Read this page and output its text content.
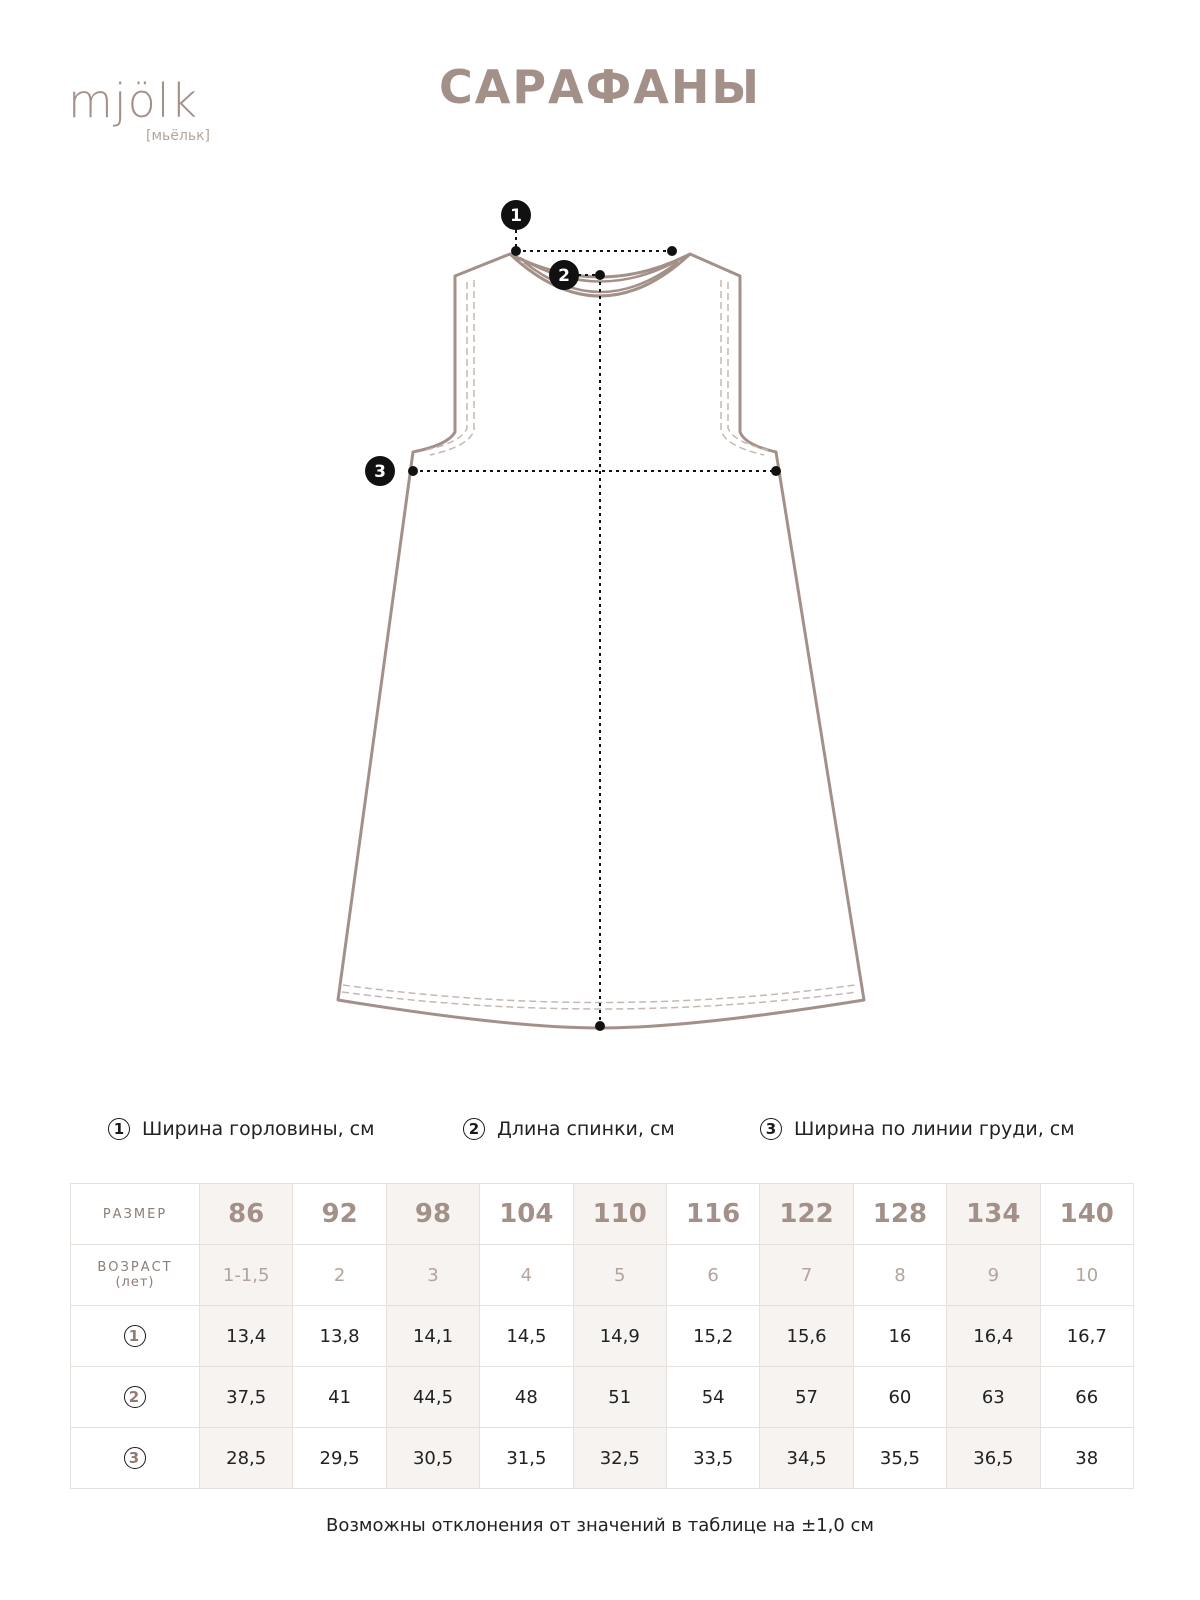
mjölk
[мьёльк]
САРАФАНЫ
1
2
3
1 Ширина горловины, см	2 Длина спинки, см	3 Ширина по линии груди, см
РАЗМЕР	86	92	98	104	110	116	122	128	134	140

ВОЗРАСТ
(лет)	1-1,5	2	3	4	5	6	7	8	9	10
1	13,4	13,8	14,1	14,5	14,9	15,2	15,6	16	16,4	16,7
2	37,5	41	44,5	48	51	54	57	60	63	66
3	28,5	29,5	30,5	31,5	32,5	33,5	34,5	35,5	36,5	38
Возможны отклонения от значений в таблице на ±1,0 см
